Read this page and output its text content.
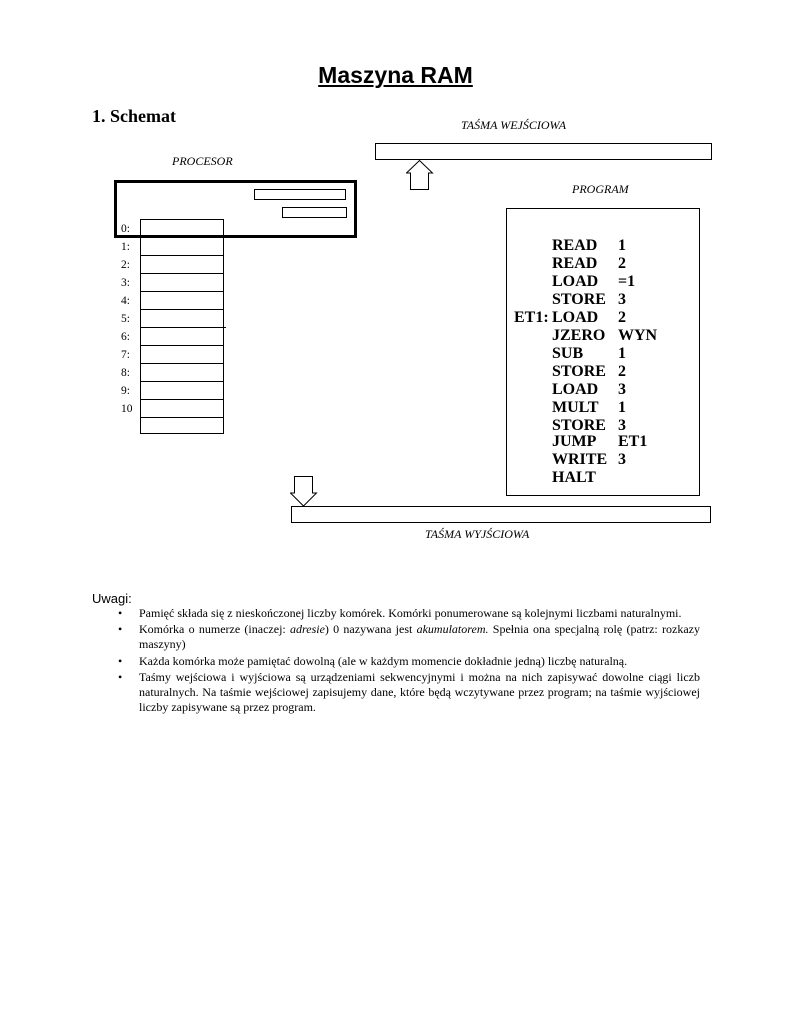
Maszyna RAM
1. Schemat	TAŚMA WEJŚCIOWA
PROCESOR
0:
1:
2:
3:
4:
5:
6:
7:
8:
9:
10
PROGRAM
READ 1
READ 2
LOAD =1
STORE 3
ET1: LOAD 2
JZERO WYN
SUB 1
STORE 2
LOAD 3
MULT 1
STORE 3
JUMP ET1
WRITE 3
HALT
TAŚMA WYJŚCIOWA
Uwagi:
• Pamięć składa się z nieskończonej liczby komórek. Komórki ponumerowane są kolejnymi liczbami naturalnymi.
• Komórka o numerze (inaczej: adresie) 0 nazywana jest akumulatorem. Spełnia ona specjalną rolę (patrz: rozkazy maszyny)
• Każda komórka może pamiętać dowolną (ale w każdym momencie dokładnie jedną) liczbę naturalną.
• Taśmy wejściowa i wyjściowa są urządzeniami sekwencyjnymi i można na nich zapisywać dowolne ciągi liczb naturalnych. Na taśmie wejściowej zapisujemy dane, które będą wczytywane przez program; na taśmie wyjściowej liczby zapisywane są przez program.
